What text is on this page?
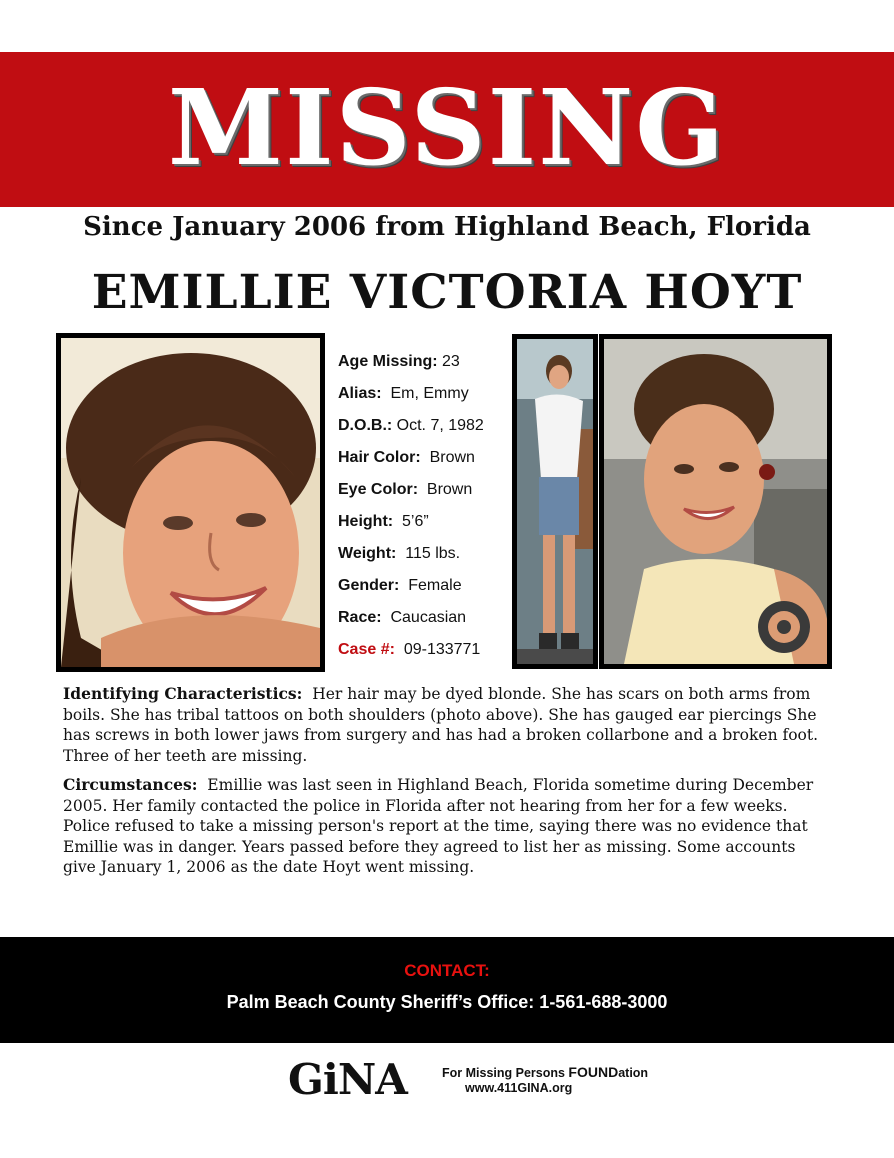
MISSING
Since January 2006 from Highland Beach, Florida
EMILLIE VICTORIA HOYT
Age Missing: 23
Alias:  Em, Emmy
D.O.B.: Oct. 7, 1982
Hair Color:  Brown
Eye Color:  Brown
Height:  5’6”
Weight:  115 lbs.
Gender:  Female
Race:  Caucasian
Case #:  09-133771

Identifying Characteristics:  Her hair may be dyed blonde. She has scars on both arms from boils. She has tribal tattoos on both shoulders (photo above). She has gauged ear piercings She has screws in both lower jaws from surgery and has had a broken collarbone and a broken foot. Three of her teeth are missing.

Circumstances:  Emillie was last seen in Highland Beach, Florida sometime during December 2005. Her family contacted the police in Florida after not hearing from her for a few weeks. Police refused to take a missing person's report at the time, saying there was no evidence that Emillie was in danger. Years passed before they agreed to list her as missing. Some accounts give January 1, 2006 as the date Hoyt went missing.

CONTACT:
Palm Beach County Sheriff’s Office: 1-561-688-3000
GiNA	For Missing Persons FOUNDation
www.411GINA.org
